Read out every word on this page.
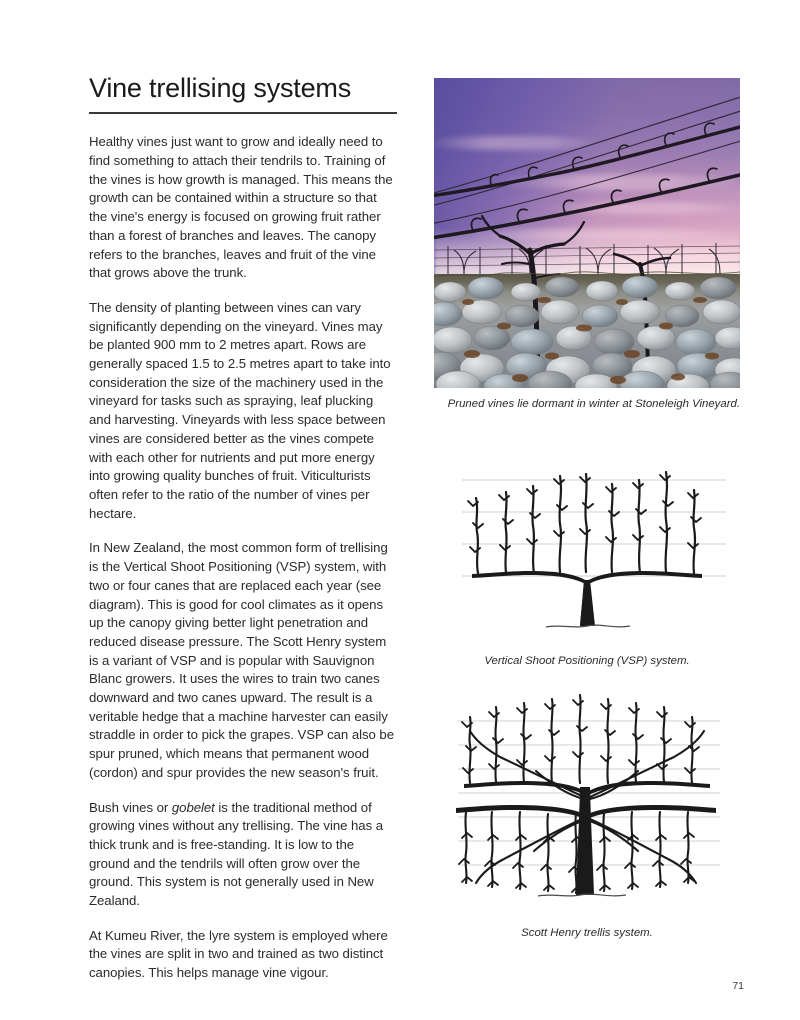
Vine trellising systems

Healthy vines just want to grow and ideally need to find something to attach their tendrils to. Training of the vines is how growth is managed. This means the growth can be contained within a structure so that the vine's energy is focused on growing fruit rather than a forest of branches and leaves. The canopy refers to the branches, leaves and fruit of the vine that grows above the trunk.

The density of planting between vines can vary significantly depending on the vineyard. Vines may be planted 900 mm to 2 metres apart. Rows are generally spaced 1.5 to 2.5 metres apart to take into consideration the size of the machinery used in the vineyard for tasks such as spraying, leaf plucking and harvesting. Vineyards with less space between vines are considered better as the vines compete with each other for nutrients and put more energy into growing quality bunches of fruit. Viticulturists often refer to the ratio of the number of vines per hectare.

In New Zealand, the most common form of trellising is the Vertical Shoot Positioning (VSP) system, with two or four canes that are replaced each year (see diagram). This is good for cool climates as it opens up the canopy giving better light penetration and reduced disease pressure. The Scott Henry system is a variant of VSP and is popular with Sauvignon Blanc growers. It uses the wires to train two canes downward and two canes upward. The result is a veritable hedge that a machine harvester can easily straddle in order to pick the grapes. VSP can also be spur pruned, which means that permanent wood (cordon) and spur provides the new season's fruit.

Bush vines or gobelet is the traditional method of growing vines without any trellising. The vine has a thick trunk and is free-standing. It is low to the ground and the tendrils will often grow over the ground. This system is not generally used in New Zealand.

At Kumeu River, the lyre system is employed where the vines are split in two and trained as two distinct canopies. This helps manage vine vigour.

Pruned vines lie dormant in winter at Stoneleigh Vineyard.
Vertical Shoot Positioning (VSP) system.
Scott Henry trellis system.
71
